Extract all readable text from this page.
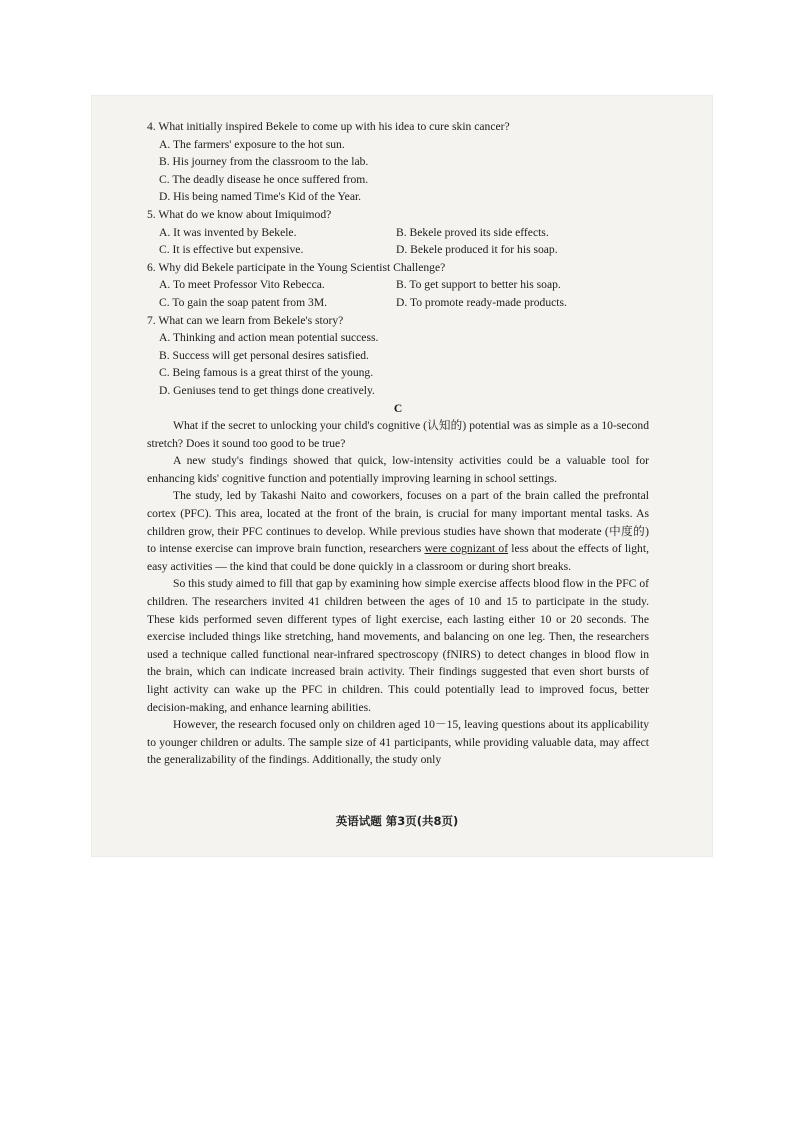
4. What initially inspired Bekele to come up with his idea to cure skin cancer?

A. The farmers' exposure to the hot sun.

B. His journey from the classroom to the lab.

C. The deadly disease he once suffered from.

D. His being named Time's Kid of the Year.

5. What do we know about Imiquimod?

A. It was invented by Bekele.	B. Bekele proved its side effects.
C. It is effective but expensive.	D. Bekele produced it for his soap.

6. Why did Bekele participate in the Young Scientist Challenge?

A. To meet Professor Vito Rebecca.	B. To get support to better his soap.
C. To gain the soap patent from 3M.	D. To promote ready-made products.

7. What can we learn from Bekele's story?

A. Thinking and action mean potential success.

B. Success will get personal desires satisfied.

C. Being famous is a great thirst of the young.

D. Geniuses tend to get things done creatively.

C

What if the secret to unlocking your child's cognitive (认知的) potential was as simple as a 10-second stretch? Does it sound too good to be true?

A new study's findings showed that quick, low-intensity activities could be a valuable tool for enhancing kids' cognitive function and potentially improving learning in school settings.

The study, led by Takashi Naito and coworkers, focuses on a part of the brain called the prefrontal cortex (PFC). This area, located at the front of the brain, is crucial for many important mental tasks. As children grow, their PFC continues to develop. While previous studies have shown that moderate (中度的) to intense exercise can improve brain function, researchers were cognizant of less about the effects of light, easy activities — the kind that could be done quickly in a classroom or during short breaks.

So this study aimed to fill that gap by examining how simple exercise affects blood flow in the PFC of children. The researchers invited 41 children between the ages of 10 and 15 to participate in the study. These kids performed seven different types of light exercise, each lasting either 10 or 20 seconds. The exercise included things like stretching, hand movements, and balancing on one leg. Then, the researchers used a technique called functional near-infrared spectroscopy (fNIRS) to detect changes in blood flow in the brain, which can indicate increased brain activity. Their findings suggested that even short bursts of light activity can wake up the PFC in children. This could potentially lead to improved focus, better decision-making, and enhance learning abilities.

However, the research focused only on children aged 10－15, leaving questions about its applicability to younger children or adults. The sample size of 41 participants, while providing valuable data, may affect the generalizability of the findings. Additionally, the study only

英语试题 第3页(共8页)
